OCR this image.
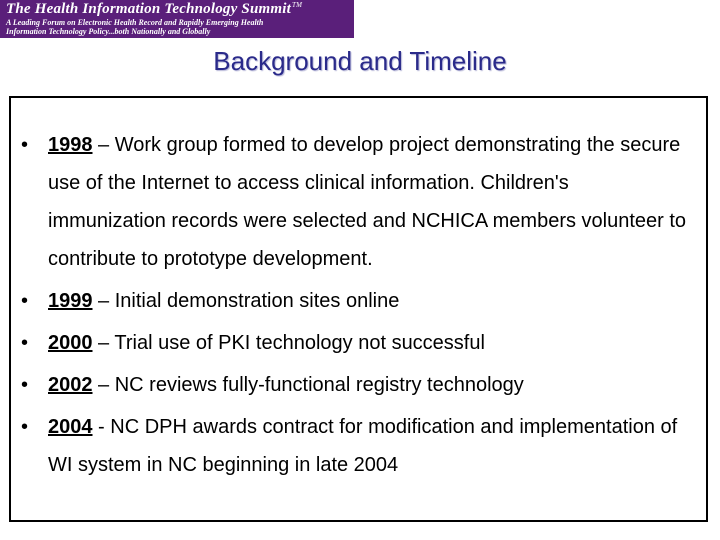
The Health Information Technology Summit™
A Leading Forum on Electronic Health Record and Rapidly Emerging Health
Information Technology Policy...both Nationally and Globally
Background and Timeline
• 1998 – Work group formed to develop project demonstrating the secure use of the Internet to access clinical information. Children's immunization records were selected and NCHICA members volunteer to contribute to prototype development.
• 1999 – Initial demonstration sites online
• 2000 – Trial use of PKI technology not successful
• 2002 – NC reviews fully-functional registry technology
• 2004 - NC DPH awards contract for modification and implementation of WI system in NC beginning in late 2004
